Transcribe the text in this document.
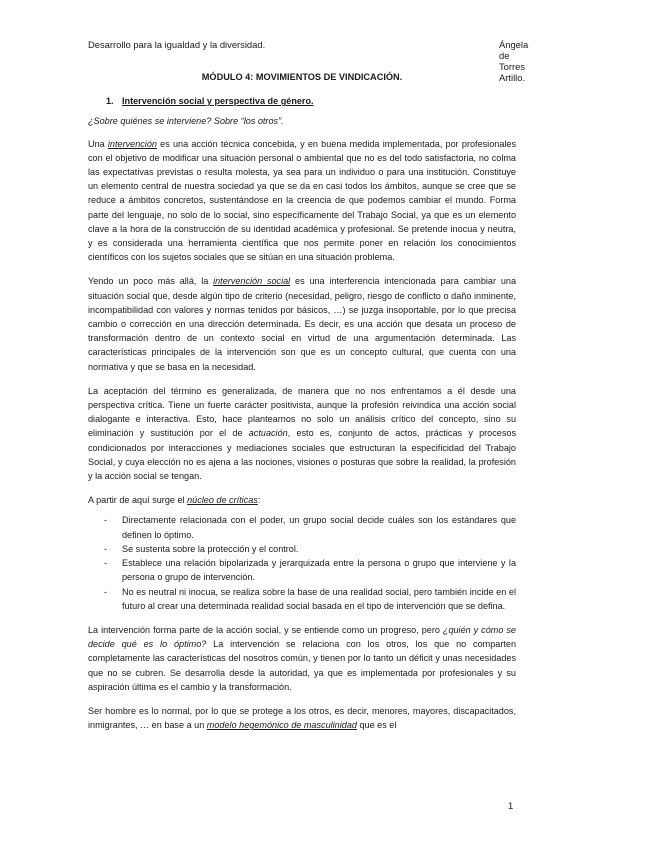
Desarrollo para la igualdad y la diversidad.	Ángela de Torres Artillo.
MÓDULO 4: MOVIMIENTOS DE VINDICACIÓN.
1. Intervención social y perspectiva de género.
¿Sobre quiénes se interviene? Sobre “los otros”.

Una intervención es una acción técnica concebida, y en buena medida implementada, por profesionales con el objetivo de modificar una situación personal o ambiental que no es del todo satisfactoria, no colma las expectativas previstas o resulta molesta, ya sea para un individuo o para una institución. Constituye un elemento central de nuestra sociedad ya que se da en casi todos los ámbitos, aunque se cree que se reduce a ámbitos concretos, sustentándose en la creencia de que podemos cambiar el mundo. Forma parte del lenguaje, no solo de lo social, sino específicamente del Trabajo Social, ya que es un elemento clave a la hora de la construcción de su identidad académica y profesional. Se pretende inocua y neutra, y es considerada una herramienta científica que nos permite poner en relación los conocimientos científicos con los sujetos sociales que se sitúan en una situación problema.

Yendo un poco más allá, la intervención social es una interferencia intencionada para cambiar una situación social que, desde algún tipo de criterio (necesidad, peligro, riesgo de conflicto o daño inminente, incompatibilidad con valores y normas tenidos por básicos, …) se juzga insoportable, por lo que precisa cambio o corrección en una dirección determinada. Es decir, es una acción que desata un proceso de transformación dentro de un contexto social en virtud de una argumentación determinada. Las características principales de la intervención son que es un concepto cultural, que cuenta con una normativa y que se basa en la necesidad.

La aceptación del término es generalizada, de manera que no nos enfrentamos a él desde una perspectiva crítica. Tiene un fuerte carácter positivista, aunque la profesión reivindica una acción social dialogante e interactiva. Esto, hace plantearnos no solo un análisis crítico del concepto, sino su eliminación y sustitución por el de actuación, esto es, conjunto de actos, prácticas y procesos condicionados por interacciones y mediaciones sociales que estructuran la especificidad del Trabajo Social, y cuya elección no es ajena a las nociones, visiones o posturas que sobre la realidad, la profesión y la acción social se tengan.

A partir de aquí surge el núcleo de críticas:

- Directamente relacionada con el poder, un grupo social decide cuáles son los estándares que definen lo óptimo.
- Se sustenta sobre la protección y el control.
- Establece una relación bipolarizada y jerarquizada entre la persona o grupo que interviene y la persona o grupo de intervención.
- No es neutral ni inocua, se realiza sobre la base de una realidad social, pero también incide en el futuro al crear una determinada realidad social basada en el tipo de intervención que se defina.

La intervención forma parte de la acción social, y se entiende como un progreso, pero ¿quién y cómo se decide qué es lo óptimo? La intervención se relaciona con los otros, los que no comparten completamente las características del nosotros común, y tienen por lo tanto un déficit y unas necesidades que no se cubren. Se desarrolla desde la autoridad, ya que es implementada por profesionales y su aspiración última es el cambio y la transformación.

Ser hombre es lo normal, por lo que se protege a los otros, es decir, menores, mayores, discapacitados, inmigrantes, … en base a un modelo hegemónico de masculinidad que es el

1
